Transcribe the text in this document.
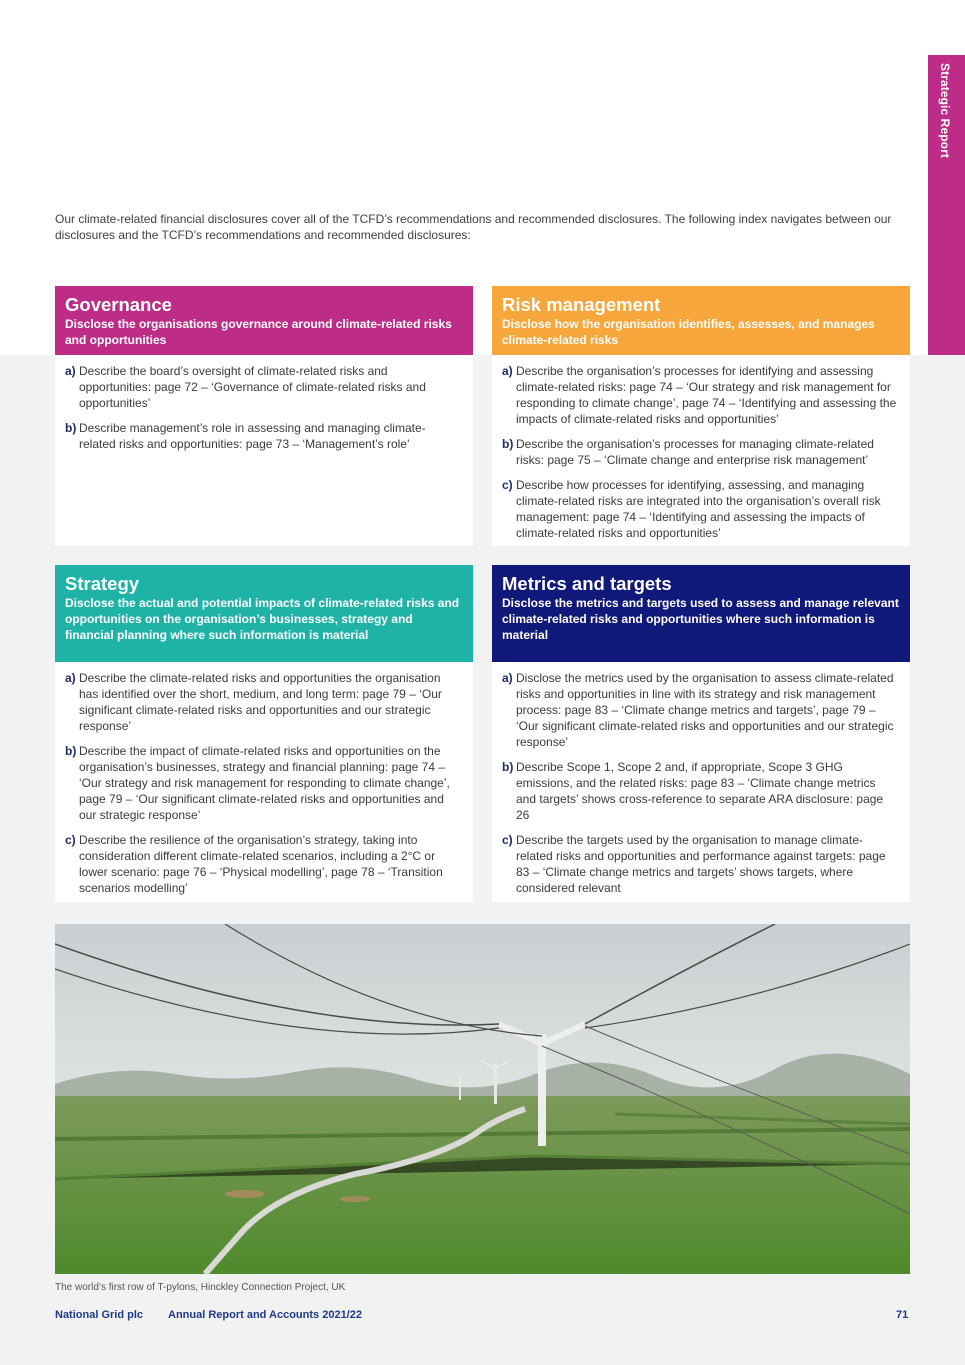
Strategic Report

Our climate-related financial disclosures cover all of the TCFD’s recommendations and recommended disclosures. The following index navigates between our disclosures and the TCFD’s recommendations and recommended disclosures:

Governance
Disclose the organisations governance around climate-related risks and opportunities
a) Describe the board’s oversight of climate-related risks and opportunities: page 72 – ‘Governance of climate-related risks and opportunities’
b) Describe management’s role in assessing and managing climate-related risks and opportunities: page 73 – ‘Management’s role’
Risk management
Disclose how the organisation identifies, assesses, and manages climate-related risks
a) Describe the organisation’s processes for identifying and assessing climate-related risks: page 74 – ‘Our strategy and risk management for responding to climate change’, page 74 – ‘Identifying and assessing the impacts of climate-related risks and opportunities’
b) Describe the organisation’s processes for managing climate-related risks: page 75 – ‘Climate change and enterprise risk management’
c) Describe how processes for identifying, assessing, and managing climate-related risks are integrated into the organisation’s overall risk management: page 74 – ‘Identifying and assessing the impacts of climate-related risks and opportunities’
Strategy
Disclose the actual and potential impacts of climate-related risks and opportunities on the organisation’s businesses, strategy and financial planning where such information is material
a) Describe the climate-related risks and opportunities the organisation has identified over the short, medium, and long term: page 79 – ‘Our significant climate-related risks and opportunities and our strategic response’
b) Describe the impact of climate-related risks and opportunities on the organisation’s businesses, strategy and financial planning: page 74 – ‘Our strategy and risk management for responding to climate change’, page 79 – ‘Our significant climate-related risks and opportunities and our strategic response’
c) Describe the resilience of the organisation’s strategy, taking into consideration different climate-related scenarios, including a 2°C or lower scenario: page 76 – ‘Physical modelling’, page 78 – ‘Transition scenarios modelling’
Metrics and targets
Disclose the metrics and targets used to assess and manage relevant climate-related risks and opportunities where such information is material
a) Disclose the metrics used by the organisation to assess climate-related risks and opportunities in line with its strategy and risk management process: page 83 – ‘Climate change metrics and targets’, page 79 – ‘Our significant climate-related risks and opportunities and our strategic response’
b) Describe Scope 1, Scope 2 and, if appropriate, Scope 3 GHG emissions, and the related risks: page 83 – ‘Climate change metrics and targets’ shows cross-reference to separate ARA disclosure: page 26
c) Describe the targets used by the organisation to manage climate-related risks and opportunities and performance against targets: page 83 – ‘Climate change metrics and targets’ shows targets, where considered relevant
The world’s first row of T-pylons, Hinckley Connection Project, UK
National Grid plc Annual Report and Accounts 2021/22	71
